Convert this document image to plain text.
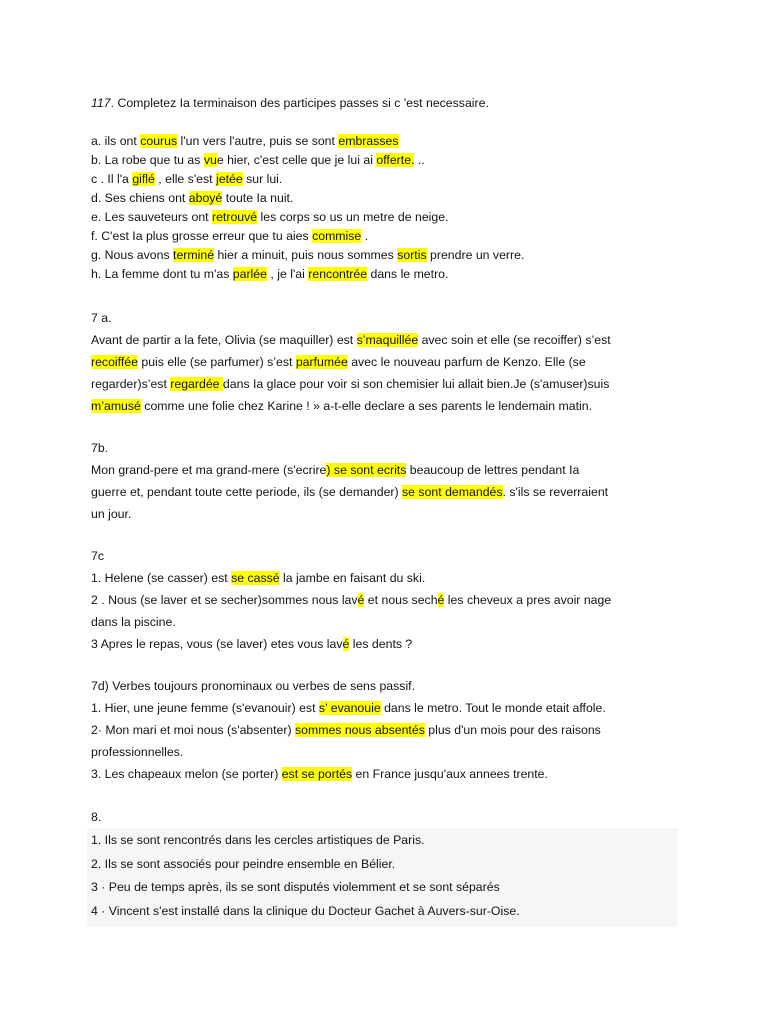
117. Completez Ia terminaison des participes passes si c 'est necessaire.
a. ils ont courus l'un vers l'autre, puis se sont embrasses
b. La robe que tu as vue hier, c'est celle que je lui ai offerte. ..
c . Il l'a giflé , elle s'est jetée sur lui.
d. Ses chiens ont aboyé toute Ia nuit.
e. Les sauveteurs ont retrouvé les corps so us un metre de neige.
f. C'est Ia plus grosse erreur que tu aies commise .
g. Nous avons terminé hier a minuit, puis nous sommes sortis prendre un verre.
h. La femme dont tu m'as parlée , je l'ai rencontrée dans le metro.
7 a.
Avant de partir a la fete, Olivia (se maquiller) est s’maquillée avec soin et elle (se recoiffer) s’est
recoiffée puis elle (se parfumer) s’est parfumée avec le nouveau parfum de Kenzo. Elle (se
regarder)s’est regardée dans Ia glace pour voir si son chemisier lui allait bien.Je (s'amuser)suis
m’amusé comme une folie chez Karine ! » a-t-elle declare a ses parents le lendemain matin.
7b.
Mon grand-pere et ma grand-mere (s'ecrire) se sont ecrits beaucoup de lettres pendant Ia
guerre et, pendant toute cette periode, ils (se demander) se sont demandés. s'ils se reverraient
un jour.
7c
1. Helene (se casser) est se cassé la jambe en faisant du ski.
2 . Nous (se laver et se secher)sommes nous lavé et nous seché les cheveux a pres avoir nage
dans la piscine.
3 Apres le repas, vous (se laver) etes vous lavé les dents ?
7d) Verbes toujours pronominaux ou verbes de sens passif.
1. Hier, une jeune femme (s'evanouir) est s’ evanouie dans le metro. Tout le monde etait affole.
2· Mon mari et moi nous (s'absenter) sommes nous absentés plus d'un mois pour des raisons
professionnelles.
3. Les chapeaux melon (se porter) est se portés en France jusqu'aux annees trente.
8.
1. Ils se sont rencontrés dans les cercles artistiques de Paris.
2. Ils se sont associés pour peindre ensemble en Bélier.
3 · Peu de temps après, ils se sont disputés violemment et se sont séparés
4 · Vincent s'est installé dans la clinique du Docteur Gachet à Auvers-sur-Oise.
